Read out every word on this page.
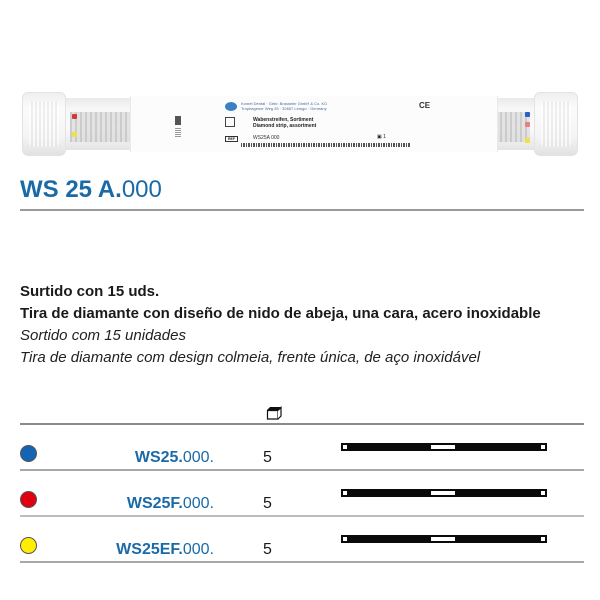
Komet Dental · Gebr. Brasseler GmbH & Co. KG
Trophagener Weg 25 · 32657 Lemgo · Germany	CE
Wabenstreifen, Sortiment
Diamond strip, assortment
REF	WS25A 000	▣ 1
WS 25 A.000
Surtido con 15 uds.
Tira de diamante con diseño de nido de abeja, una cara, acero inoxidable
Sortido com 15 unidades
Tira de diamante com design colmeia, frente única, de aço inoxidável
WS25.000.	5
WS25F.000.	5
WS25EF.000.	5
